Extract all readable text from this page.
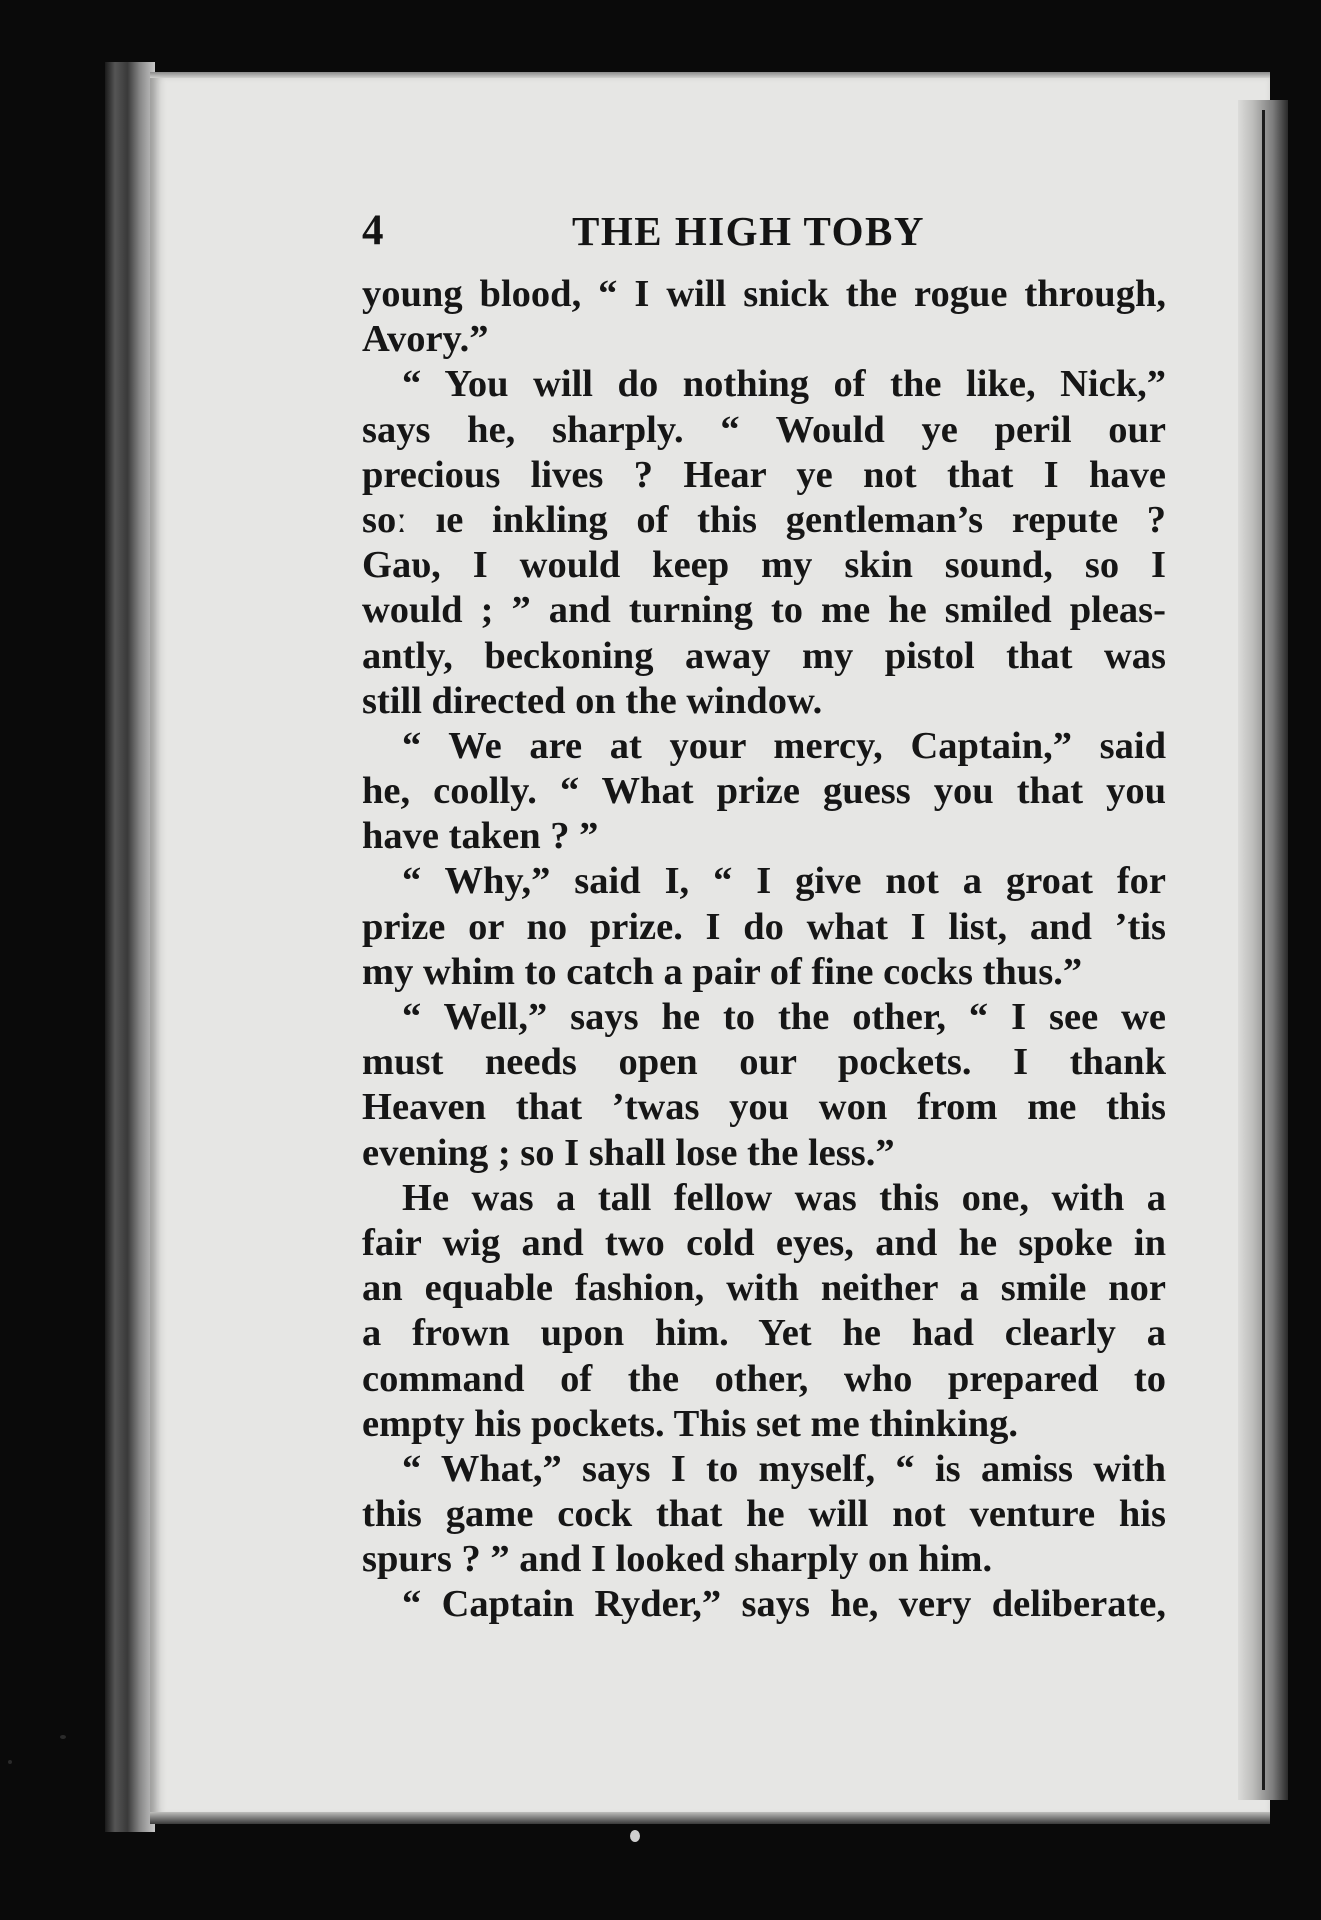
4	THE HIGH TOBY
young blood, “ I will snick the rogue through,
Avory.”
“ You will do nothing of the like, Nick,”
says he, sharply. “ Would ye peril our
precious lives ? Hear ye not that I have
soː ıe inkling of this gentleman’s repute ?
Gaυ, I would keep my skin sound, so I
would ; ” and turning to me he smiled pleas-
antly, beckoning away my pistol that was
still directed on the window.
“ We are at your mercy, Captain,” said
he, coolly. “ What prize guess you that you
have taken ? ”
“ Why,” said I, “ I give not a groat for
prize or no prize. I do what I list, and ’tis
my whim to catch a pair of fine cocks thus.”
“ Well,” says he to the other, “ I see we
must needs open our pockets. I thank
Heaven that ’twas you won from me this
evening ; so I shall lose the less.”
He was a tall fellow was this one, with a
fair wig and two cold eyes, and he spoke in
an equable fashion, with neither a smile nor
a frown upon him. Yet he had clearly a
command of the other, who prepared to
empty his pockets. This set me thinking.
“ What,” says I to myself, “ is amiss with
this game cock that he will not venture his
spurs ? ” and I looked sharply on him.
“ Captain Ryder,” says he, very deliberate,
